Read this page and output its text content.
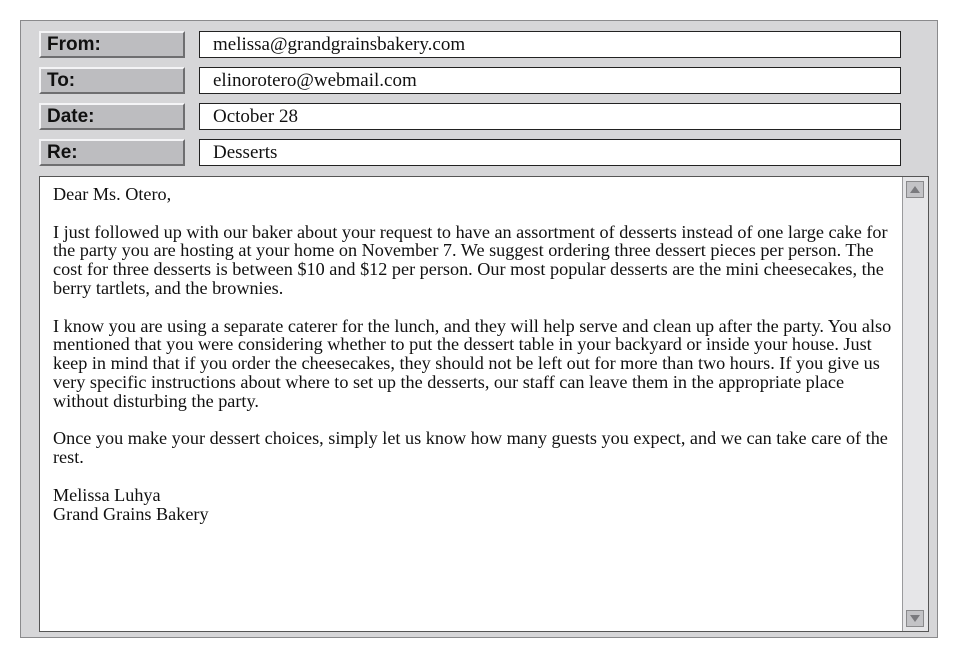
From:	melissa@grandgrainsbakery.com
To:	elinorotero@webmail.com
Date:	October 28
Re:	Desserts

Dear Ms. Otero,

I just followed up with our baker about your request to have an assortment of desserts instead of one large cake for the party you are hosting at your home on November 7. We suggest ordering three dessert pieces per person. The cost for three desserts is between $10 and $12 per person. Our most popular desserts are the mini cheesecakes, the berry tartlets, and the brownies.

I know you are using a separate caterer for the lunch, and they will help serve and clean up after the party. You also mentioned that you were considering whether to put the dessert table in your backyard or inside your house. Just keep in mind that if you order the cheesecakes, they should not be left out for more than two hours. If you give us very specific instructions about where to set up the desserts, our staff can leave them in the appropriate place without disturbing the party.

Once you make your dessert choices, simply let us know how many guests you expect, and we can take care of the rest.

Melissa Luhya

Grand Grains Bakery
